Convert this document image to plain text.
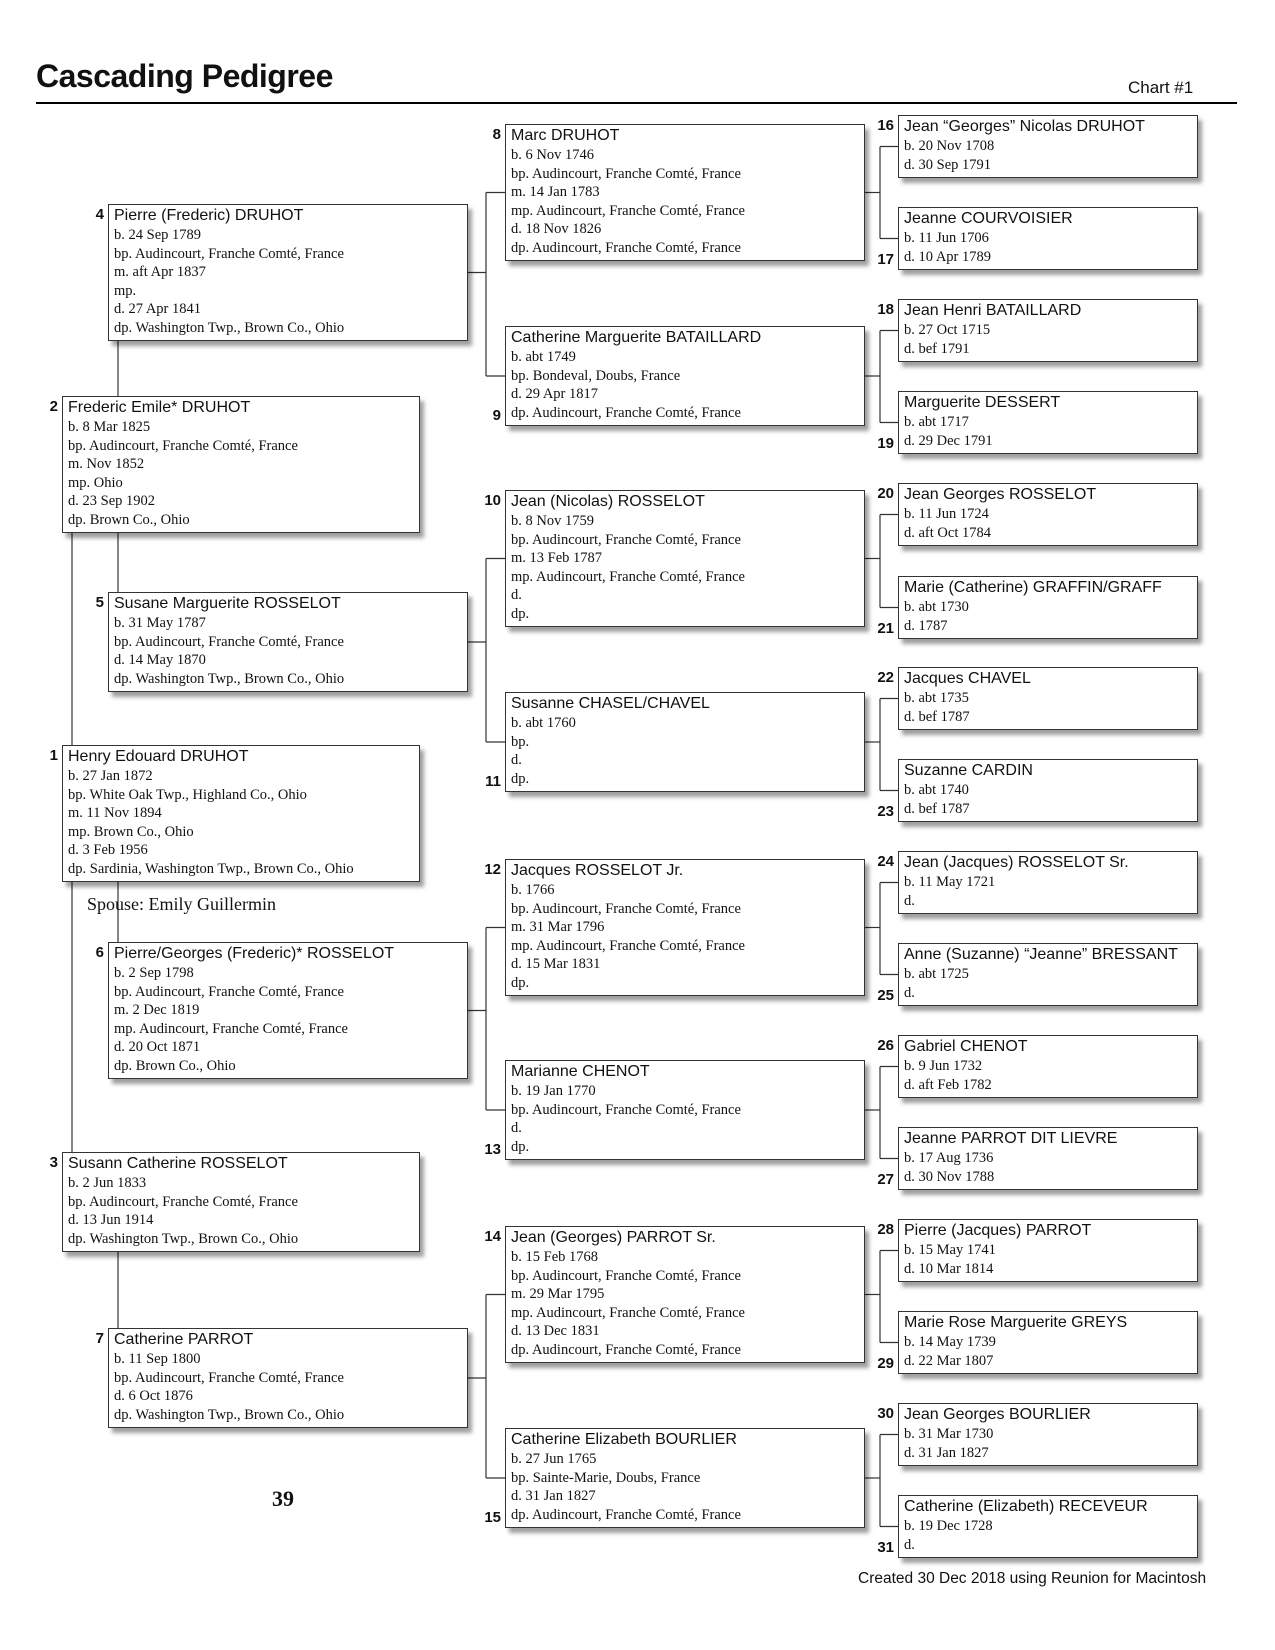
Cascading Pedigree	Chart #1
Henry Edouard DRUHOT
b. 27 Jan 1872
bp. White Oak Twp., Highland Co., Ohio
m. 11 Nov 1894
mp. Brown Co., Ohio
d. 3 Feb 1956
dp. Sardinia, Washington Twp., Brown Co., Ohio
1
Frederic Emile* DRUHOT
b. 8 Mar 1825
bp. Audincourt, Franche Comté, France
m. Nov 1852
mp. Ohio
d. 23 Sep 1902
dp. Brown Co., Ohio
2
Susann Catherine ROSSELOT
b. 2 Jun 1833
bp. Audincourt, Franche Comté, France
d. 13 Jun 1914
dp. Washington Twp., Brown Co., Ohio
3
Pierre (Frederic) DRUHOT
b. 24 Sep 1789
bp. Audincourt, Franche Comté, France
m. aft Apr 1837
mp.
d. 27 Apr 1841
dp. Washington Twp., Brown Co., Ohio
4
Susane Marguerite ROSSELOT
b. 31 May 1787
bp. Audincourt, Franche Comté, France
d. 14 May 1870
dp. Washington Twp., Brown Co., Ohio
5
Pierre/Georges (Frederic)* ROSSELOT
b. 2 Sep 1798
bp. Audincourt, Franche Comté, France
m. 2 Dec 1819
mp. Audincourt, Franche Comté, France
d. 20 Oct 1871
dp. Brown Co., Ohio
6
Catherine PARROT
b. 11 Sep 1800
bp. Audincourt, Franche Comté, France
d. 6 Oct 1876
dp. Washington Twp., Brown Co., Ohio
7
Marc DRUHOT
b. 6 Nov 1746
bp. Audincourt, Franche Comté, France
m. 14 Jan 1783
mp. Audincourt, Franche Comté, France
d. 18 Nov 1826
dp. Audincourt, Franche Comté, France
8
Catherine Marguerite BATAILLARD
b. abt 1749
bp. Bondeval, Doubs, France
d. 29 Apr 1817
dp. Audincourt, Franche Comté, France
9
Jean (Nicolas) ROSSELOT
b. 8 Nov 1759
bp. Audincourt, Franche Comté, France
m. 13 Feb 1787
mp. Audincourt, Franche Comté, France
d.
dp.
10
Susanne CHASEL/CHAVEL
b. abt 1760
bp.
d.
dp.
11
Jacques ROSSELOT Jr.
b. 1766
bp. Audincourt, Franche Comté, France
m. 31 Mar 1796
mp. Audincourt, Franche Comté, France
d. 15 Mar 1831
dp.
12
Marianne CHENOT
b. 19 Jan 1770
bp. Audincourt, Franche Comté, France
d.
dp.
13
Jean (Georges) PARROT Sr.
b. 15 Feb 1768
bp. Audincourt, Franche Comté, France
m. 29 Mar 1795
mp. Audincourt, Franche Comté, France
d. 13 Dec 1831
dp. Audincourt, Franche Comté, France
14
Catherine Elizabeth BOURLIER
b. 27 Jun 1765
bp. Sainte-Marie, Doubs, France
d. 31 Jan 1827
dp. Audincourt, Franche Comté, France
15
Jean “Georges” Nicolas DRUHOT
b. 20 Nov 1708
d. 30 Sep 1791
16
Jeanne COURVOISIER
b. 11 Jun 1706
d. 10 Apr 1789
17
Jean Henri BATAILLARD
b. 27 Oct 1715
d. bef 1791
18
Marguerite DESSERT
b. abt 1717
d. 29 Dec 1791
19
Jean Georges ROSSELOT
b. 11 Jun 1724
d. aft Oct 1784
20
Marie (Catherine) GRAFFIN/GRAFF
b. abt 1730
d. 1787
21
Jacques CHAVEL
b. abt 1735
d. bef 1787
22
Suzanne CARDIN
b. abt 1740
d. bef 1787
23
Jean (Jacques) ROSSELOT Sr.
b. 11 May 1721
d.
24
Anne (Suzanne) “Jeanne” BRESSANT
b. abt 1725
d.
25
Gabriel CHENOT
b. 9 Jun 1732
d. aft Feb 1782
26
Jeanne PARROT DIT LIEVRE
b. 17 Aug 1736
d. 30 Nov 1788
27
Pierre (Jacques) PARROT
b. 15 May 1741
d. 10 Mar 1814
28
Marie Rose Marguerite GREYS
b. 14 May 1739
d. 22 Mar 1807
29
Jean Georges BOURLIER
b. 31 Mar 1730
d. 31 Jan 1827
30
Catherine (Elizabeth) RECEVEUR
b. 19 Dec 1728
d.
31
Spouse: Emily Guillermin
39
Created 30 Dec 2018 using Reunion for Macintosh
